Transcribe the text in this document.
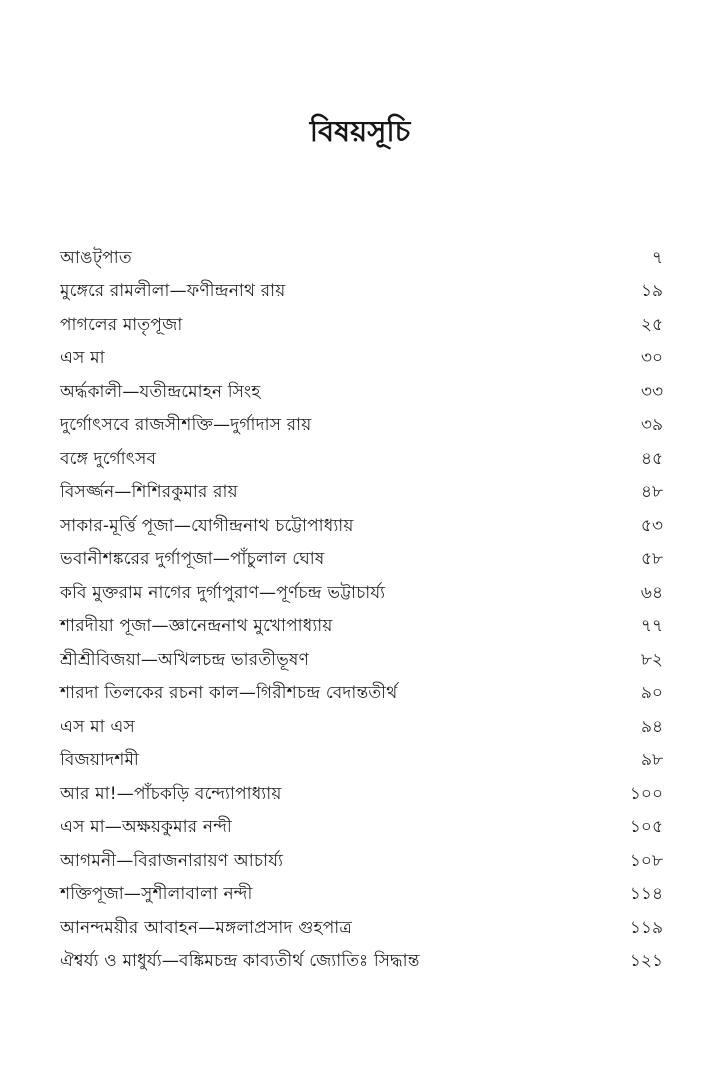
বিষয়সূচি
আঙট্পাত	৭
মুঙ্গেরে রামলীলা—ফণীন্দ্রনাথ রায়	১৯
পাগলের মাতৃপূজা	২৫
এস মা	৩০
অৰ্দ্ধকালী—যতীন্দ্রমোহন সিংহ	৩৩
দুর্গোৎসবে রাজসীশক্তি—দুর্গাদাস রায়	৩৯
বঙ্গে দুর্গোৎসব	৪৫
বিসর্জ্জন—শিশিরকুমার রায়	৪৮
সাকার-মূর্ত্তি পূজা—যোগীন্দ্রনাথ চট্টোপাধ্যায়	৫৩
ভবানীশঙ্করের দুর্গাপূজা—পাঁচুলাল ঘোষ	৫৮
কবি মুক্তরাম নাগের দুর্গাপুরাণ—পূর্ণচন্দ্র ভট্টাচার্য্য	৬৪
শারদীয়া পূজা—জ্ঞানেন্দ্রনাথ মুখোপাধ্যায়	৭৭
শ্রীশ্রীবিজয়া—অখিলচন্দ্র ভারতীভূষণ	৮২
শারদা তিলকের রচনা কাল—গিরীশচন্দ্র বেদান্ততীর্থ	৯০
এস মা এস	৯৪
বিজয়াদশমী	৯৮
আর মা!—পাঁচকড়ি বন্দ্যোপাধ্যায়	১০০
এস মা—অক্ষয়কুমার নন্দী	১০৫
আগমনী—বিরাজনারায়ণ আচার্য্য	১০৮
শক্তিপূজা—সুশীলাবালা নন্দী	১১৪
আনন্দময়ীর আবাহন—মঙ্গলাপ্রসাদ গুহপাত্র	১১৯
ঐশ্বর্য্য ও মাধুর্য্য—বঙ্কিমচন্দ্র কাব্যতীর্থ জ্যোতিঃ সিদ্ধান্ত	১২১
